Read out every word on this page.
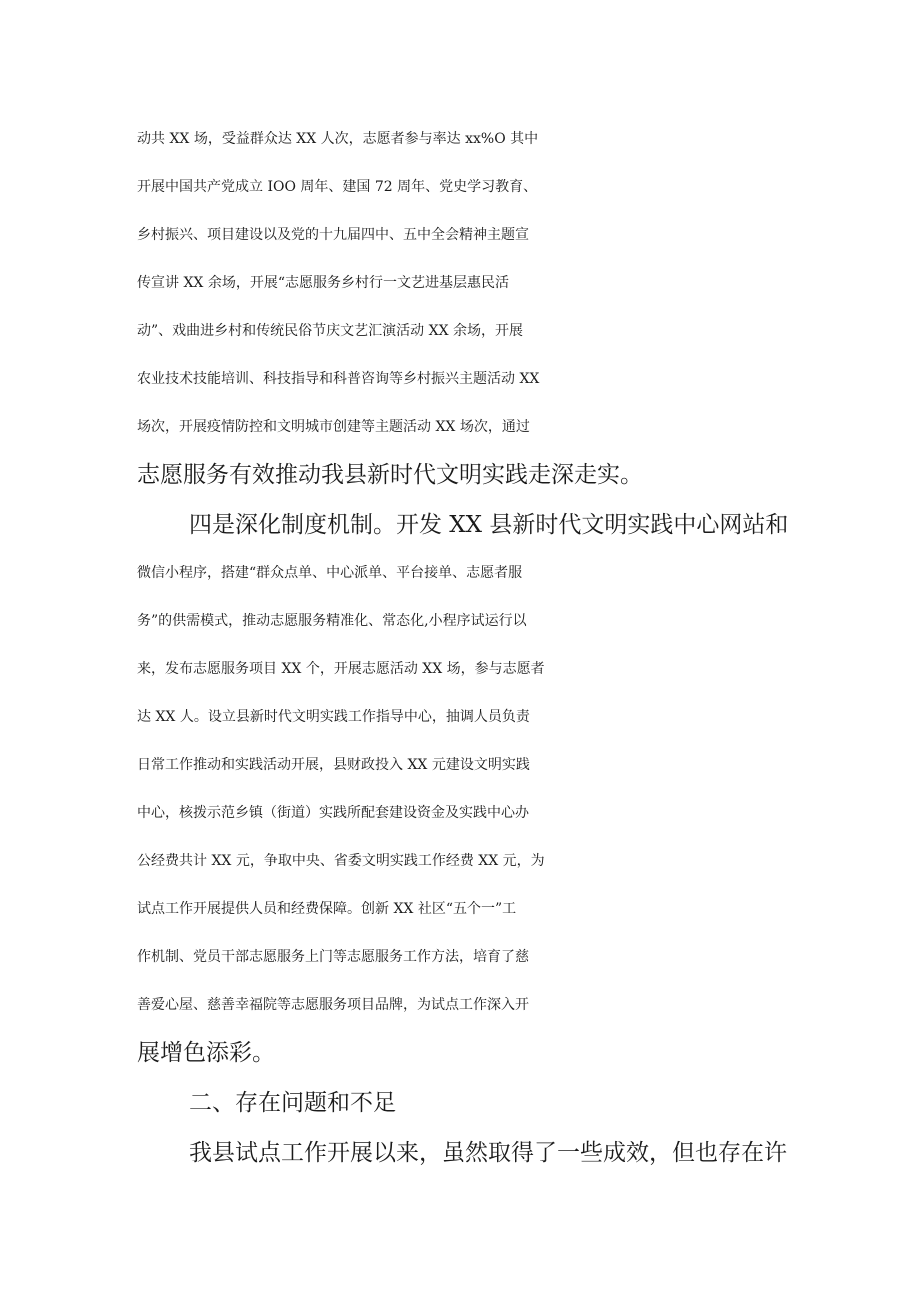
动共 XX 场，受益群众达 XX 人次，志愿者参与率达 xx%O 其中
开展中国共产党成立 IOO 周年、建国 72 周年、党史学习教育、
乡村振兴、项目建设以及党的十九届四中、五中全会精神主题宣
传宣讲 XX 余场，开展“志愿服务乡村行一文艺进基层惠民活
动”、戏曲进乡村和传统民俗节庆文艺汇演活动 XX 余场，开展
农业技术技能培训、科技指导和科普咨询等乡村振兴主题活动 XX
场次，开展疫情防控和文明城市创建等主题活动 XX 场次，通过
志愿服务有效推动我县新时代文明实践走深走实。
四是深化制度机制。开发 XX 县新时代文明实践中心网站和
微信小程序，搭建“群众点单、中心派单、平台接单、志愿者服
务”的供需模式，推动志愿服务精准化、常态化,小程序试运行以
来，发布志愿服务项目 XX 个，开展志愿活动 XX 场，参与志愿者
达 XX 人。设立县新时代文明实践工作指导中心，抽调人员负责
日常工作推动和实践活动开展，县财政投入 XX 元建设文明实践
中心，核拨示范乡镇（街道）实践所配套建设资金及实践中心办
公经费共计 XX 元，争取中央、省委文明实践工作经费 XX 元，为
试点工作开展提供人员和经费保障。创新 XX 社区“五个一”工
作机制、党员干部志愿服务上门等志愿服务工作方法，培育了慈
善爱心屋、慈善幸福院等志愿服务项目品牌，为试点工作深入开
展增色添彩。
二、存在问题和不足
我县试点工作开展以来，虽然取得了一些成效，但也存在许
